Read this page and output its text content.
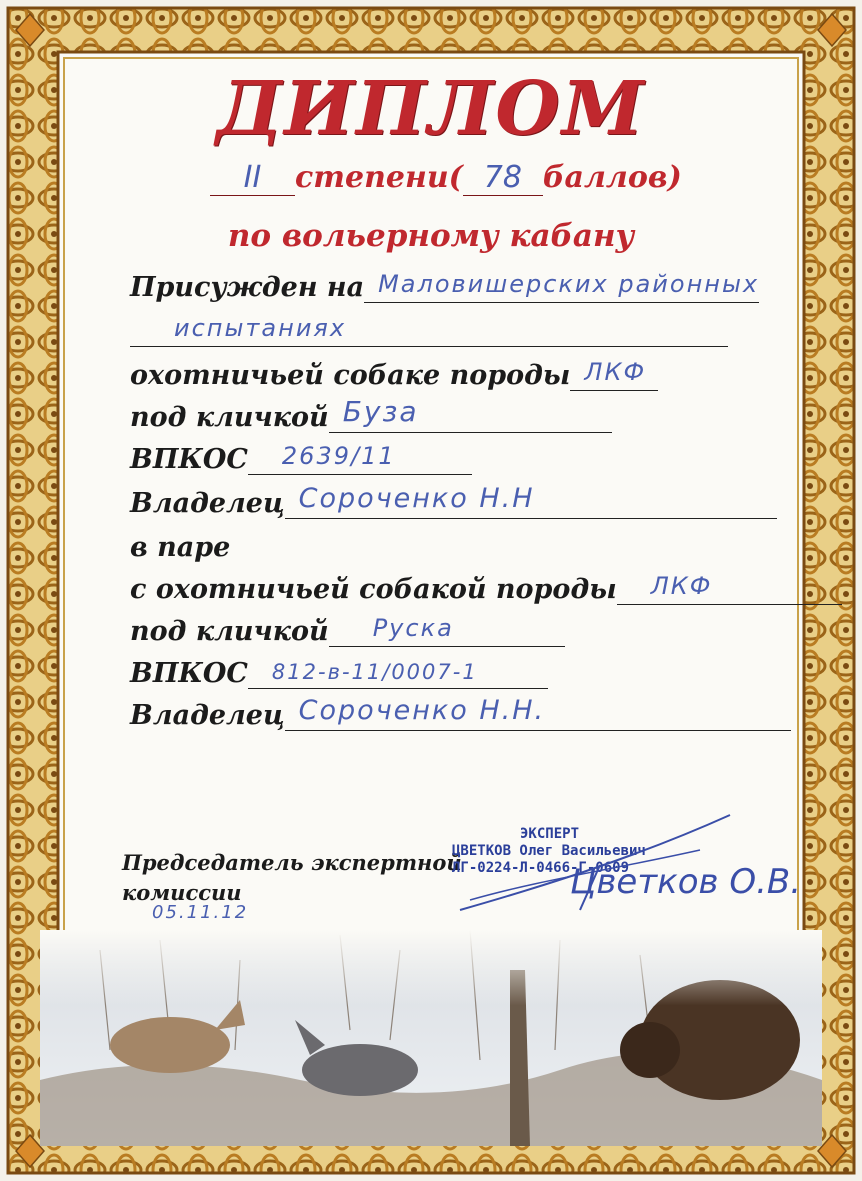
ДИПЛОМ
II степени( 78 баллов)
по вольерному кабану
Присужден на Маловишерских районных
испытаниях
охотничьей собаке породы ЛКФ
под кличкой Буза
ВПКОС 2639/11
Владелец Сороченко Н.Н
в паре
с охотничьей собакой породы ЛКФ
под кличкой Руска
ВПКОС 812-в-11/0007-1
Владелец Сороченко Н.Н.
Председатель экспертной
комиссии
05.11.12
ЭКСПЕРТ
ЦВЕТКОВ Олег Васильевич
ЛГ-0224-Л-0466-Г-0609
Цветков О.В.
